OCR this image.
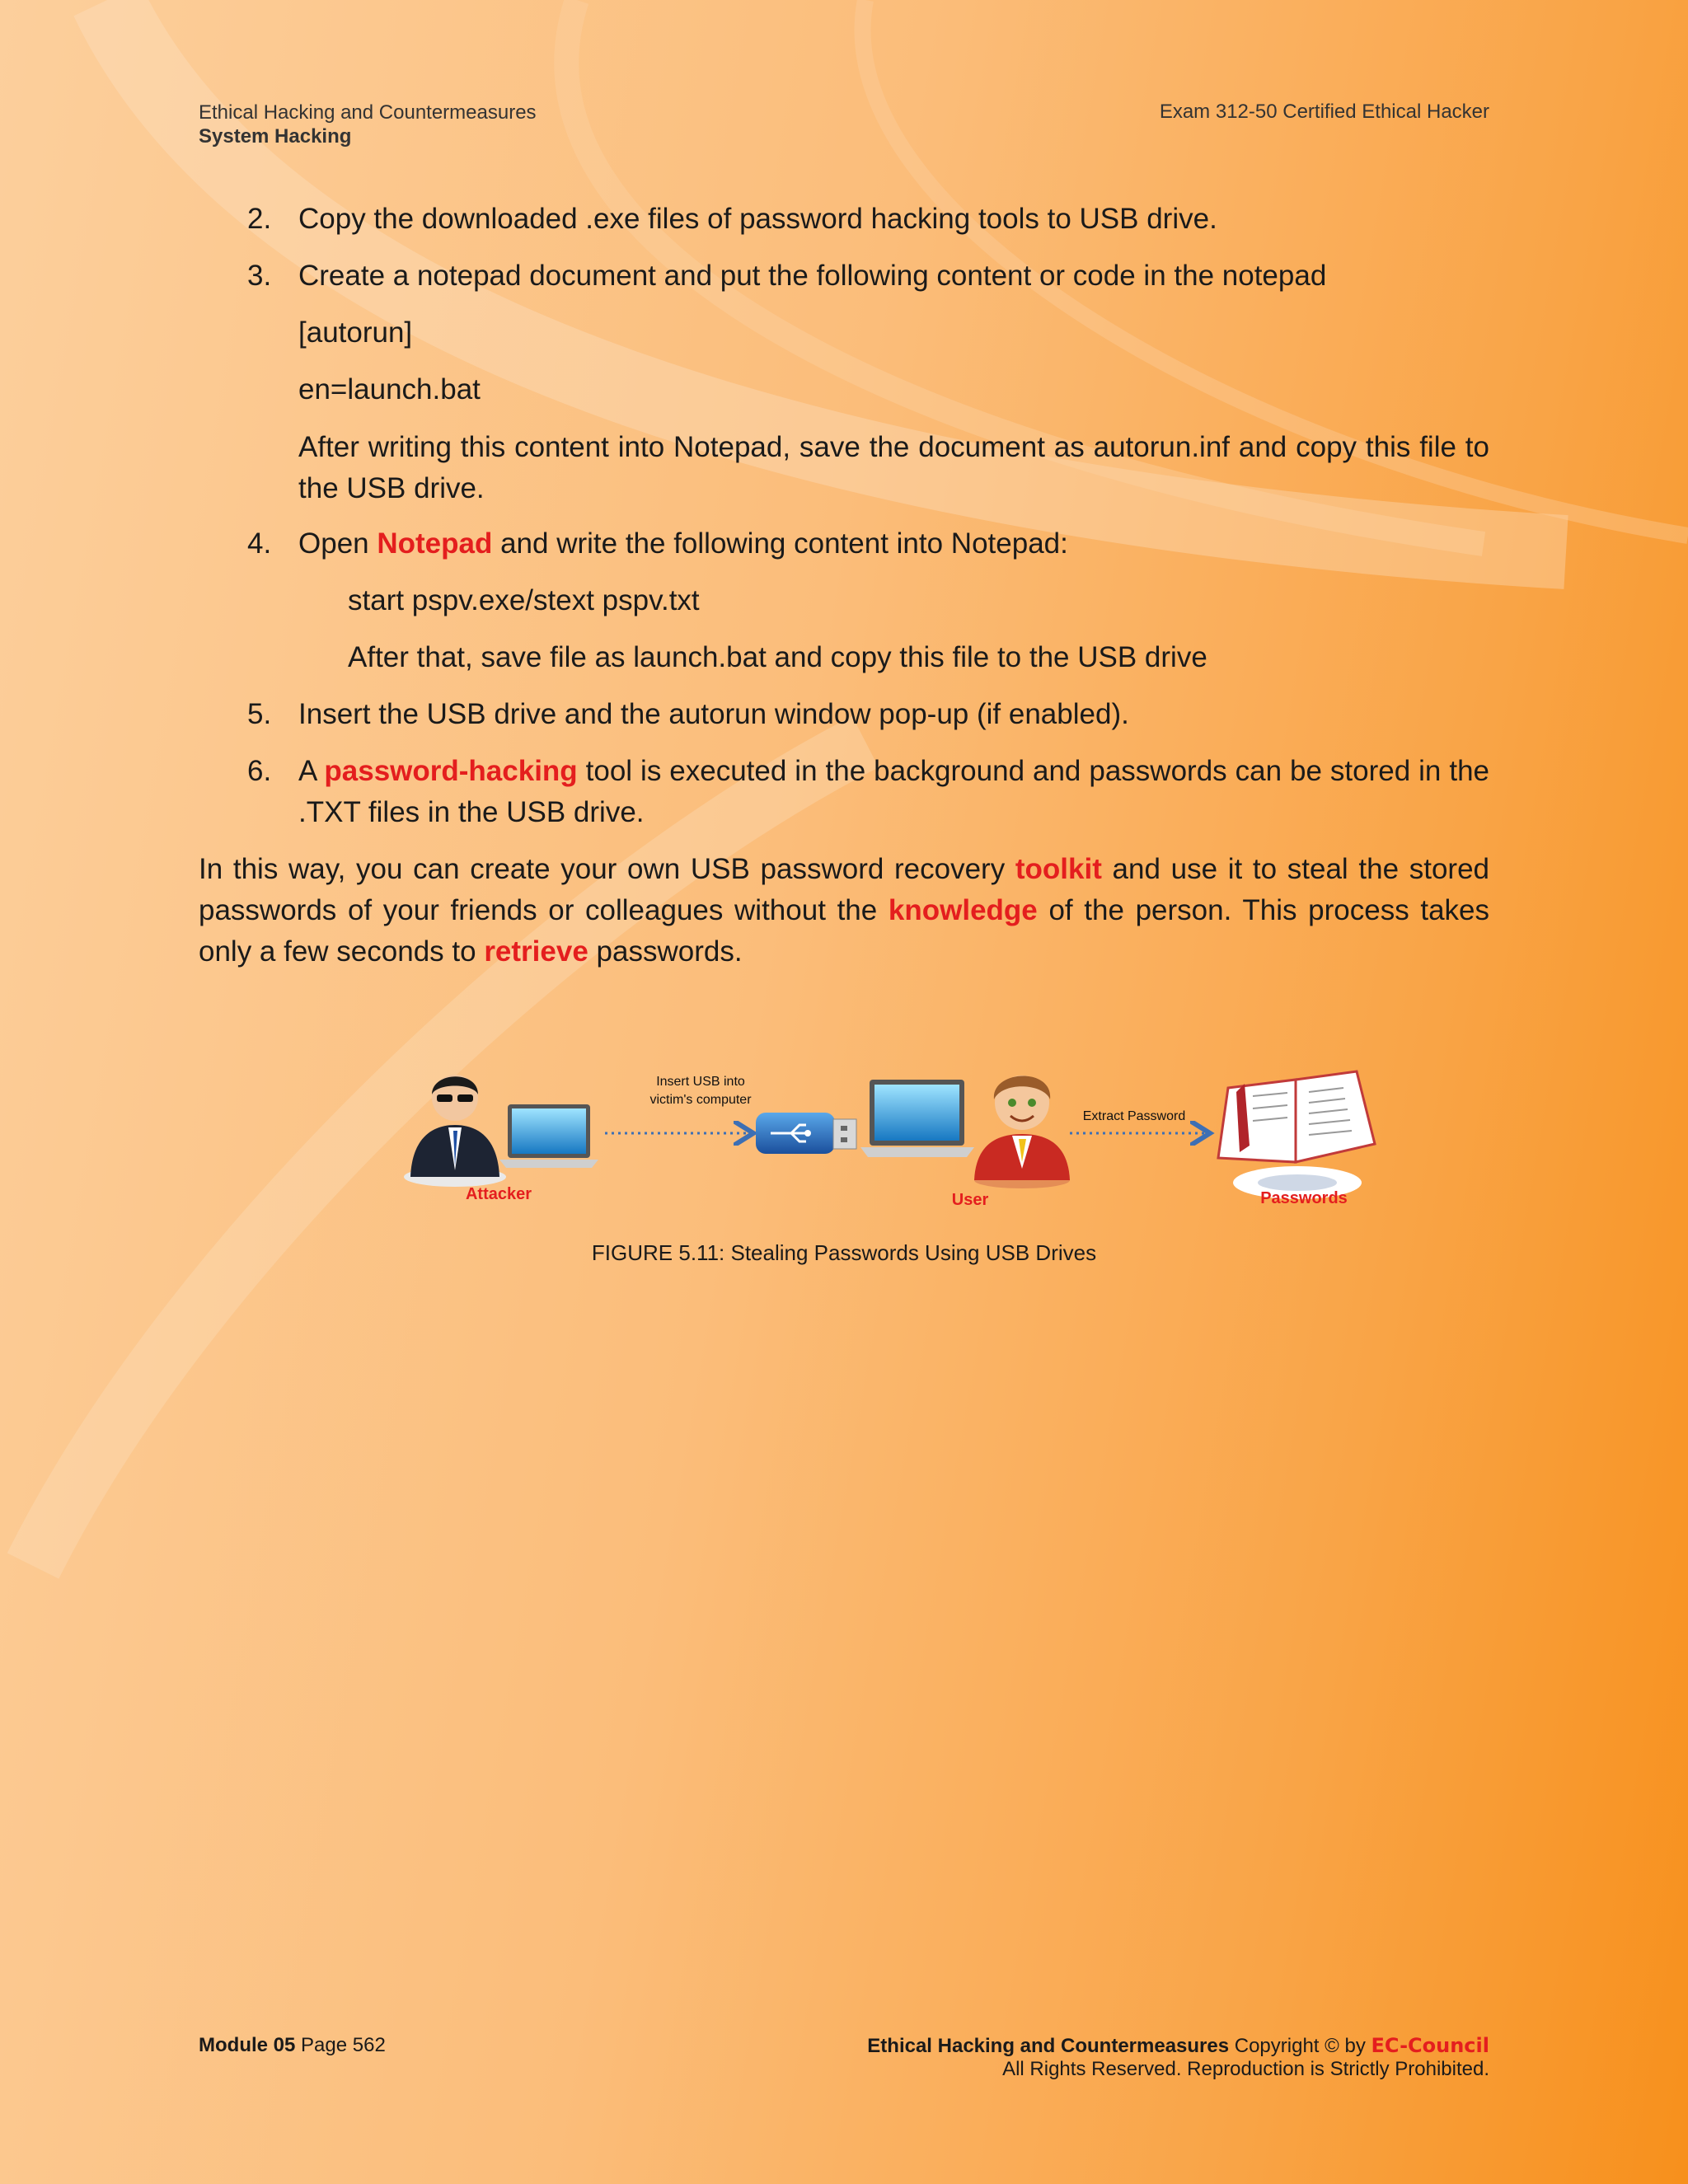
Ethical Hacking and Countermeasures
System Hacking
Exam 312-50 Certified Ethical Hacker
2. Copy the downloaded .exe files of password hacking tools to USB drive.
3. Create a notepad document and put the following content or code in the notepad
[autorun]
en=launch.bat
After writing this content into Notepad, save the document as autorun.inf and copy this file to the USB drive.
4. Open Notepad and write the following content into Notepad:
start pspv.exe/stext pspv.txt
After that, save file as launch.bat and copy this file to the USB drive
5. Insert the USB drive and the autorun window pop-up (if enabled).
6. A password-hacking tool is executed in the background and passwords can be stored in the .TXT files in the USB drive.
In this way, you can create your own USB password recovery toolkit and use it to steal the stored passwords of your friends or colleagues without the knowledge of the person. This process takes only a few seconds to retrieve passwords.
Insert USB into
victim's computer
Attacker	User
Extract Password
Passwords
FIGURE 5.11: Stealing Passwords Using USB Drives
Module 05 Page 562	Ethical Hacking and Countermeasures Copyright © by EC-Council
All Rights Reserved. Reproduction is Strictly Prohibited.
